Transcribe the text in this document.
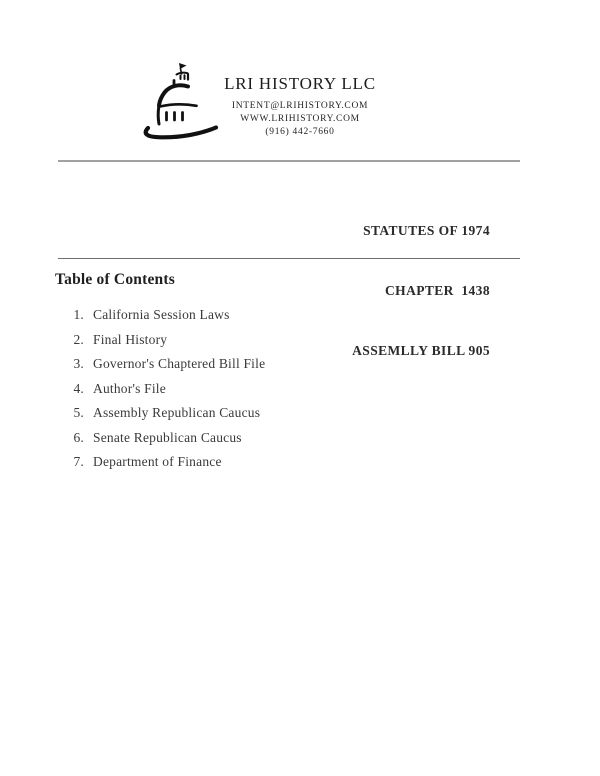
LRI HISTORY LLC
INTENT@LRIHISTORY.COM
WWW.LRIHISTORY.COM
(916) 442-7660

STATUTES OF 1974

CHAPTER  1438

ASSEMLLY BILL 905

Table of Contents
1. California Session Laws
2. Final History
3. Governor's Chaptered Bill File
4. Author's File
5. Assembly Republican Caucus
6. Senate Republican Caucus
7. Department of Finance
